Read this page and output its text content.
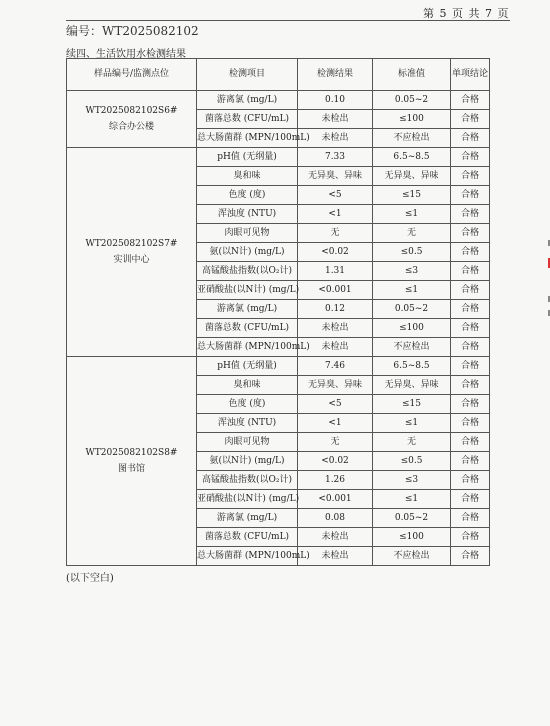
第 5 页 共 7 页
编号：WT2025082102
续四、生活饮用水检测结果
样品编号/监测点位	检测项目	检测结果	标准值	单项结论

WT2025082102S6#
综合办公楼	游离氯 (mg/L)	0.10	0.05~2	合格
	菌落总数 (CFU/mL)	未检出	≤100	合格
	总大肠菌群 (MPN/100mL)	未检出	不应检出	合格

WT2025082102S7#
实训中心	pH值 (无纲量)	7.33	6.5~8.5	合格
	臭和味	无异臭、异味	无异臭、异味	合格
	色度 (度)	<5	≤15	合格
	浑浊度 (NTU)	<1	≤1	合格
	肉眼可见物	无	无	合格
	氨(以N计) (mg/L)	<0.02	≤0.5	合格
	高锰酸盐指数(以O₂计)	1.31	≤3	合格
	亚硝酸盐(以N计) (mg/L)	<0.001	≤1	合格
	游离氯 (mg/L)	0.12	0.05~2	合格
	菌落总数 (CFU/mL)	未检出	≤100	合格
	总大肠菌群 (MPN/100mL)	未检出	不应检出	合格

WT2025082102S8#
图书馆	pH值 (无纲量)	7.46	6.5~8.5	合格
	臭和味	无异臭、异味	无异臭、异味	合格
	色度 (度)	<5	≤15	合格
	浑浊度 (NTU)	<1	≤1	合格
	肉眼可见物	无	无	合格
	氨(以N计) (mg/L)	<0.02	≤0.5	合格
	高锰酸盐指数(以O₂计)	1.26	≤3	合格
	亚硝酸盐(以N计) (mg/L)	<0.001	≤1	合格
	游离氯 (mg/L)	0.08	0.05~2	合格
	菌落总数 (CFU/mL)	未检出	≤100	合格
	总大肠菌群 (MPN/100mL)	未检出	不应检出	合格
(以下空白)
